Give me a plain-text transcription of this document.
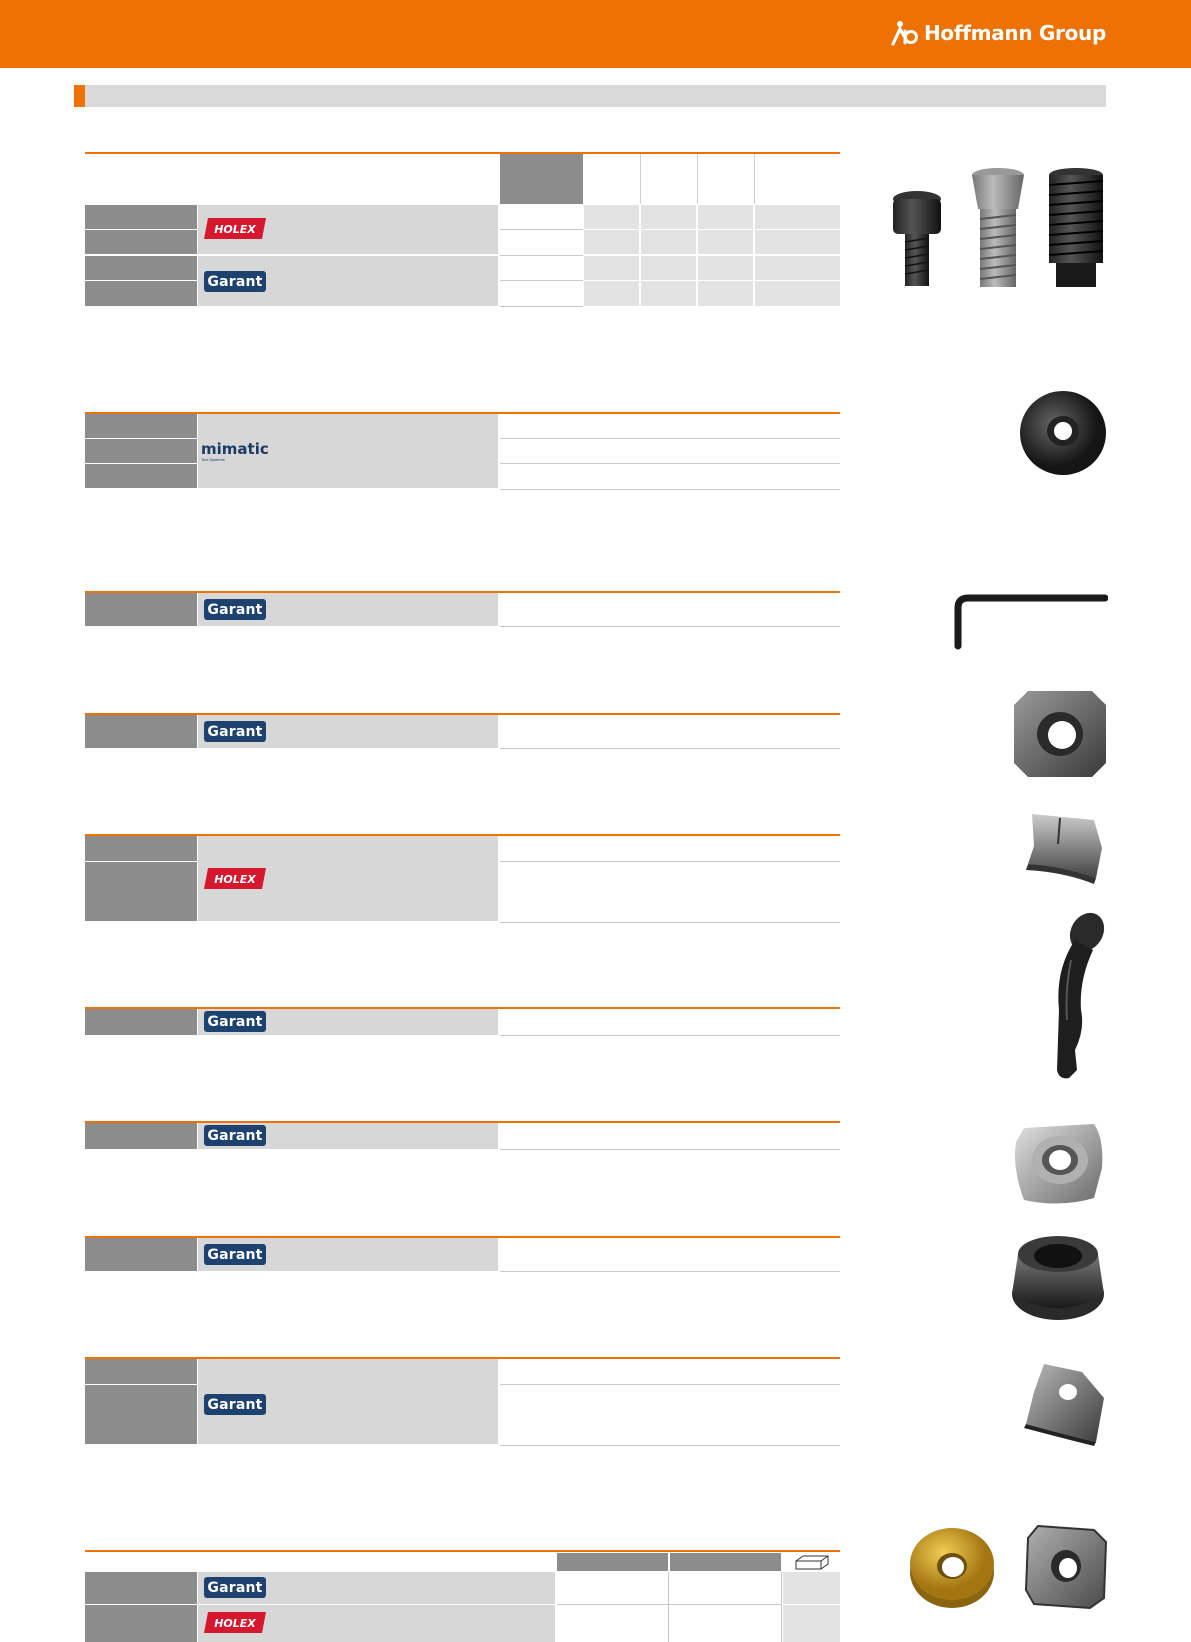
Hoffmann Group
HOLEX
Garant
mimatic
Tool Systems
Garant
Garant
HOLEX
Garant
Garant
Garant
Garant
Garant
HOLEX
